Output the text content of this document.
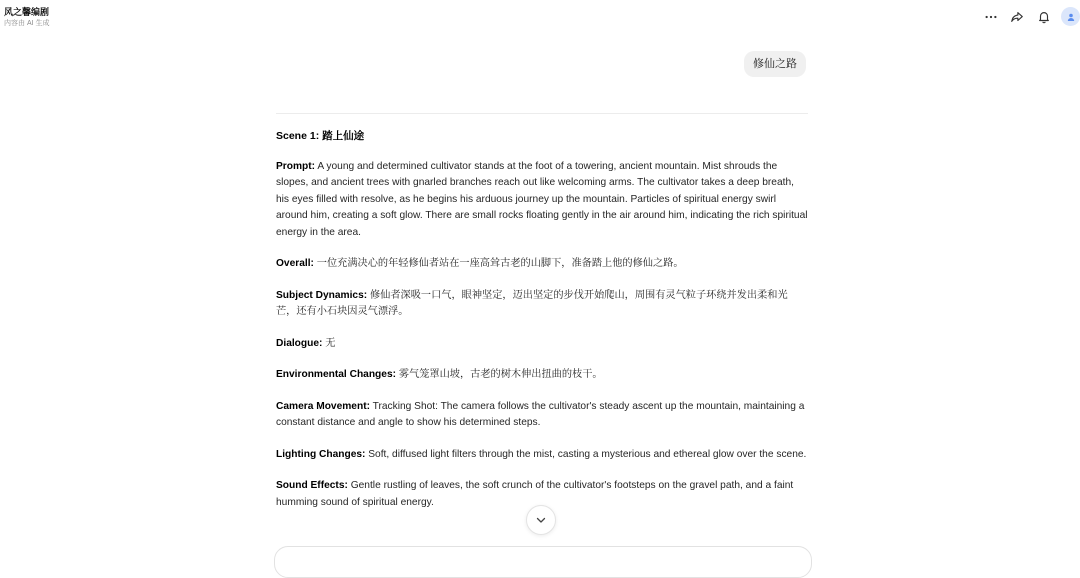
风之馨编剧
内容由 AI 生成
修仙之路

Scene 1: 踏上仙途

Prompt: A young and determined cultivator stands at the foot of a towering, ancient mountain. Mist shrouds the slopes, and ancient trees with gnarled branches reach out like welcoming arms. The cultivator takes a deep breath, his eyes filled with resolve, as he begins his arduous journey up the mountain. Particles of spiritual energy swirl around him, creating a soft glow. There are small rocks floating gently in the air around him, indicating the rich spiritual energy in the area.

Overall: 一位充满决心的年轻修仙者站在一座高耸古老的山脚下，准备踏上他的修仙之路。

Subject Dynamics: 修仙者深吸一口气，眼神坚定，迈出坚定的步伐开始爬山，周围有灵气粒子环绕并发出柔和光芒，还有小石块因灵气漂浮。

Dialogue: 无

Environmental Changes: 雾气笼罩山坡，古老的树木伸出扭曲的枝干。

Camera Movement: Tracking Shot: The camera follows the cultivator's steady ascent up the mountain, maintaining a constant distance and angle to show his determined steps.

Lighting Changes: Soft, diffused light filters through the mist, casting a mysterious and ethereal glow over the scene.

Sound Effects: Gentle rustling of leaves, the soft crunch of the cultivator's footsteps on the gravel path, and a faint humming sound of spiritual energy.
